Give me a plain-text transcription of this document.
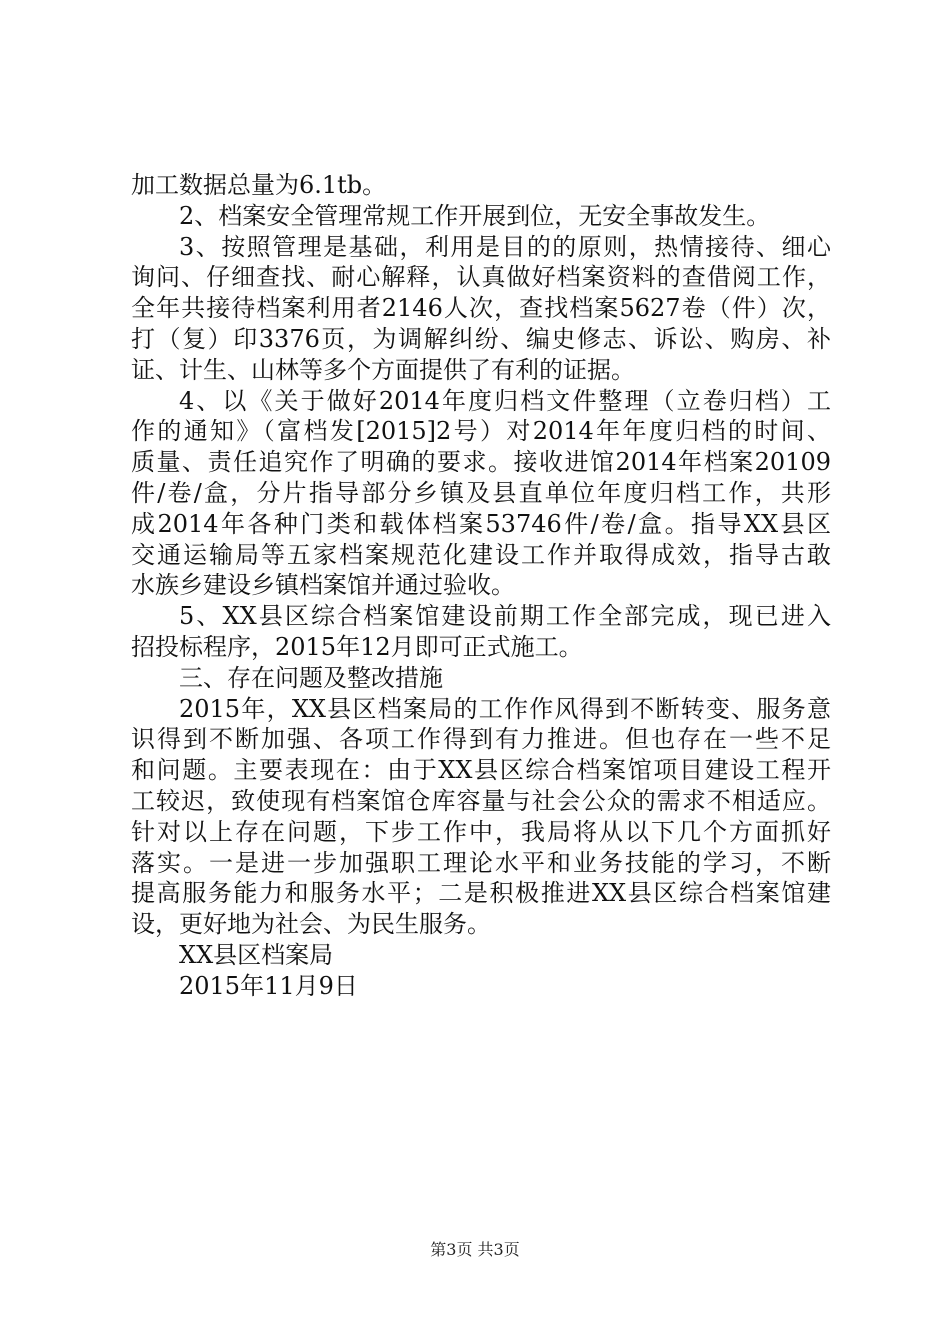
加工数据总量为6.1tb。
2、档案安全管理常规工作开展到位，无安全事故发生。
3、按照管理是基础，利用是目的的原则，热情接待、细心
询问、仔细查找、耐心解释，认真做好档案资料的查借阅工作，
全年共接待档案利用者2146人次，查找档案5627卷（件）次，
打（复）印3376页，为调解纠纷、编史修志、诉讼、购房、补
证、计生、山林等多个方面提供了有利的证据。
4、以《关于做好2014年度归档文件整理（立卷归档）工
作的通知》（富档发[2015]2号）对2014年年度归档的时间、
质量、责任追究作了明确的要求。接收进馆2014年档案20109
件/卷/盒，分片指导部分乡镇及县直单位年度归档工作，共形
成2014年各种门类和载体档案53746件/卷/盒。指导XX县区
交通运输局等五家档案规范化建设工作并取得成效，指导古敢
水族乡建设乡镇档案馆并通过验收。
5、XX县区综合档案馆建设前期工作全部完成，现已进入
招投标程序，2015年12月即可正式施工。
三、存在问题及整改措施
2015年，XX县区档案局的工作作风得到不断转变、服务意
识得到不断加强、各项工作得到有力推进。但也存在一些不足
和问题。主要表现在：由于XX县区综合档案馆项目建设工程开
工较迟，致使现有档案馆仓库容量与社会公众的需求不相适应。
针对以上存在问题，下步工作中，我局将从以下几个方面抓好
落实。一是进一步加强职工理论水平和业务技能的学习，不断
提高服务能力和服务水平；二是积极推进XX县区综合档案馆建
设，更好地为社会、为民生服务。
XX县区档案局
2015年11月9日
第3页 共3页
